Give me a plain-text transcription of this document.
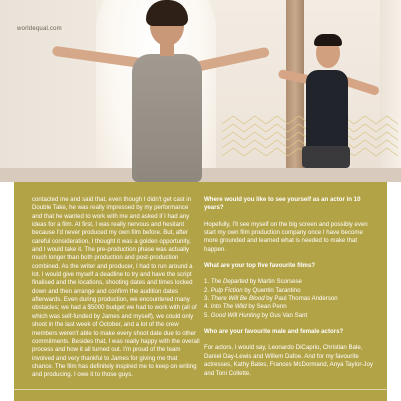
worldequal.com

contacted me and said that, even though I didn't get cast in Double Take, he was really impressed by my performance and that he wanted to work with me and asked if I had any ideas for a film. At first, I was really nervous and hesitant because I'd never produced my own film before. But, after careful consideration, I thought it was a golden opportunity, and I would take it. The pre-production phase was actually much longer than both production and post-production combined. As the writer and producer, I had to run around a lot. I would give myself a deadline to try and have the script finalised and the locations, shooting dates and times locked down and then arrange and confirm the audition dates afterwards. Even during production, we encountered many obstacles; we had a $5000 budget we had to work with (all of which was self-funded by James and myself), we could only shoot in the last week of October, and a lot of the crew members weren't able to make every shoot date due to other commitments. Besides that, I was really happy with the overall process and how it all turned out. I'm proud of the team involved and very thankful to James for giving me that chance. The film has definitely inspired me to keep on writing and producing. I owe it to those guys.

Where would you like to see yourself as an actor in 10 years?

Hopefully, I'll see myself on the big screen and possibly even start my own film production company once I have become more grounded and learned what is needed to make that happen.

What are your top five favourite films?

1. The Departed by Martin Scorsese
2. Pulp Fiction by Quentin Tarantino
3. There Will Be Blood by Paul Thomas Anderson
4. Into The Wild by Sean Penn
5. Good Will Hunting by Gus Van Sant

Who are your favourite male and female actors?

For actors, I would say, Leonardo DiCaprio, Christian Bale, Daniel Day-Lewis and Willem Dafoe. And for my favourite actresses, Kathy Bates, Frances McDormand, Anya Taylor-Joy and Toni Collette.
